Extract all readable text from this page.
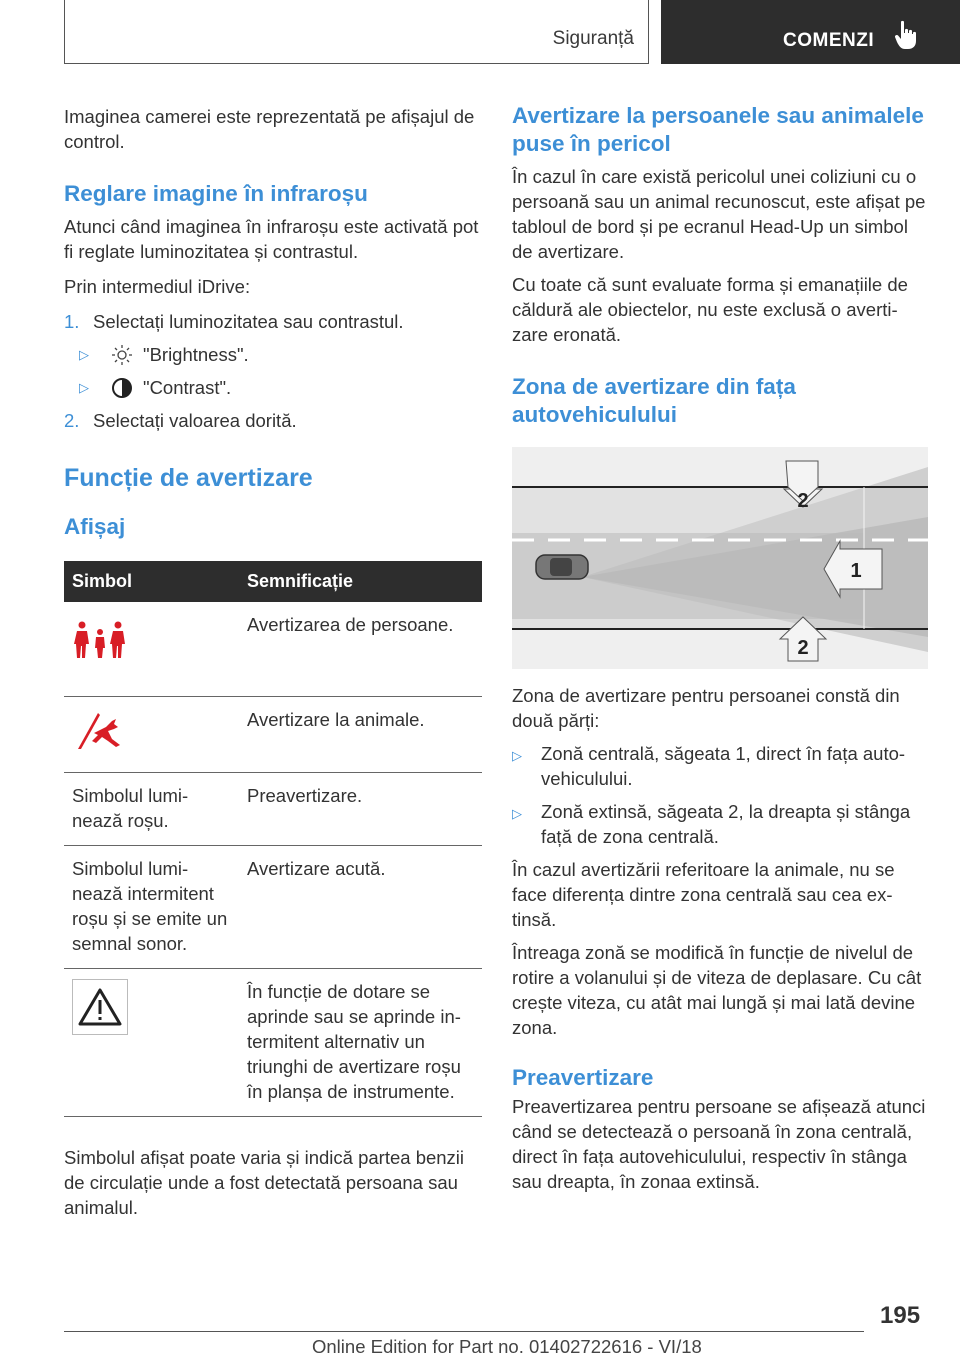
Siguranță	COMENZI

Imaginea camerei este reprezentată pe afișajul de control.

Reglare imagine în infraroșu

Atunci când imaginea în infraroșu este activată pot fi reglate luminozitatea și contrastul.

Prin intermediul iDrive:

1. Selectați luminozitatea sau contrastul.
▷	"Brightness".
▷	"Contrast".
2. Selectați valoarea dorită.
Funcție de avertizare
Afișaj
Simbol	Semnificație
	Avertizarea de persoane.
	Avertizare la animale.
Simbolul lumi-nează roșu.	Preavertizare.
Simbolul lumi-nează intermitent roșu și se emite un semnal sonor.	Avertizare acută.
	În funcție de dotare se aprinde sau se aprinde in-termitent alternativ un triunghi de avertizare roșu în planșa de instrumente.

Simbolul afișat poate varia și indică partea benzii de circulație unde a fost detectată persoana sau animalul.

Avertizare la persoanele sau animalele puse în pericol

În cazul în care există pericolul unei coliziuni cu o persoană sau un animal recunoscut, este afișat pe tabloul de bord și pe ecranul Head-Up un simbol de avertizare.

Cu toate că sunt evaluate forma și emanațiile de căldură ale obiectelor, nu este exclusă o averti-zare eronată.

Zona de avertizare din fața autovehiculului
2
1
2

Zona de avertizare pentru persoanei constă din două părți:

▷	Zonă centrală, săgeata 1, direct în fața auto-vehiculului.
▷	Zonă extinsă, săgeata 2, la dreapta și stânga față de zona centrală.

În cazul avertizării referitoare la animale, nu se face diferența dintre zona centrală sau cea ex-tinsă.

Întreaga zonă se modifică în funcție de nivelul de rotire a volanului și de viteza de deplasare. Cu cât crește viteza, cu atât mai lungă și mai lată devine zona.

Preavertizare

Preavertizarea pentru persoane se afișează atunci când se detectează o persoană în zona centrală, direct în fața autovehiculului, respectiv în stânga sau dreapta, în zonaa extinsă.

195
Online Edition for Part no. 01402722616 - VI/18
